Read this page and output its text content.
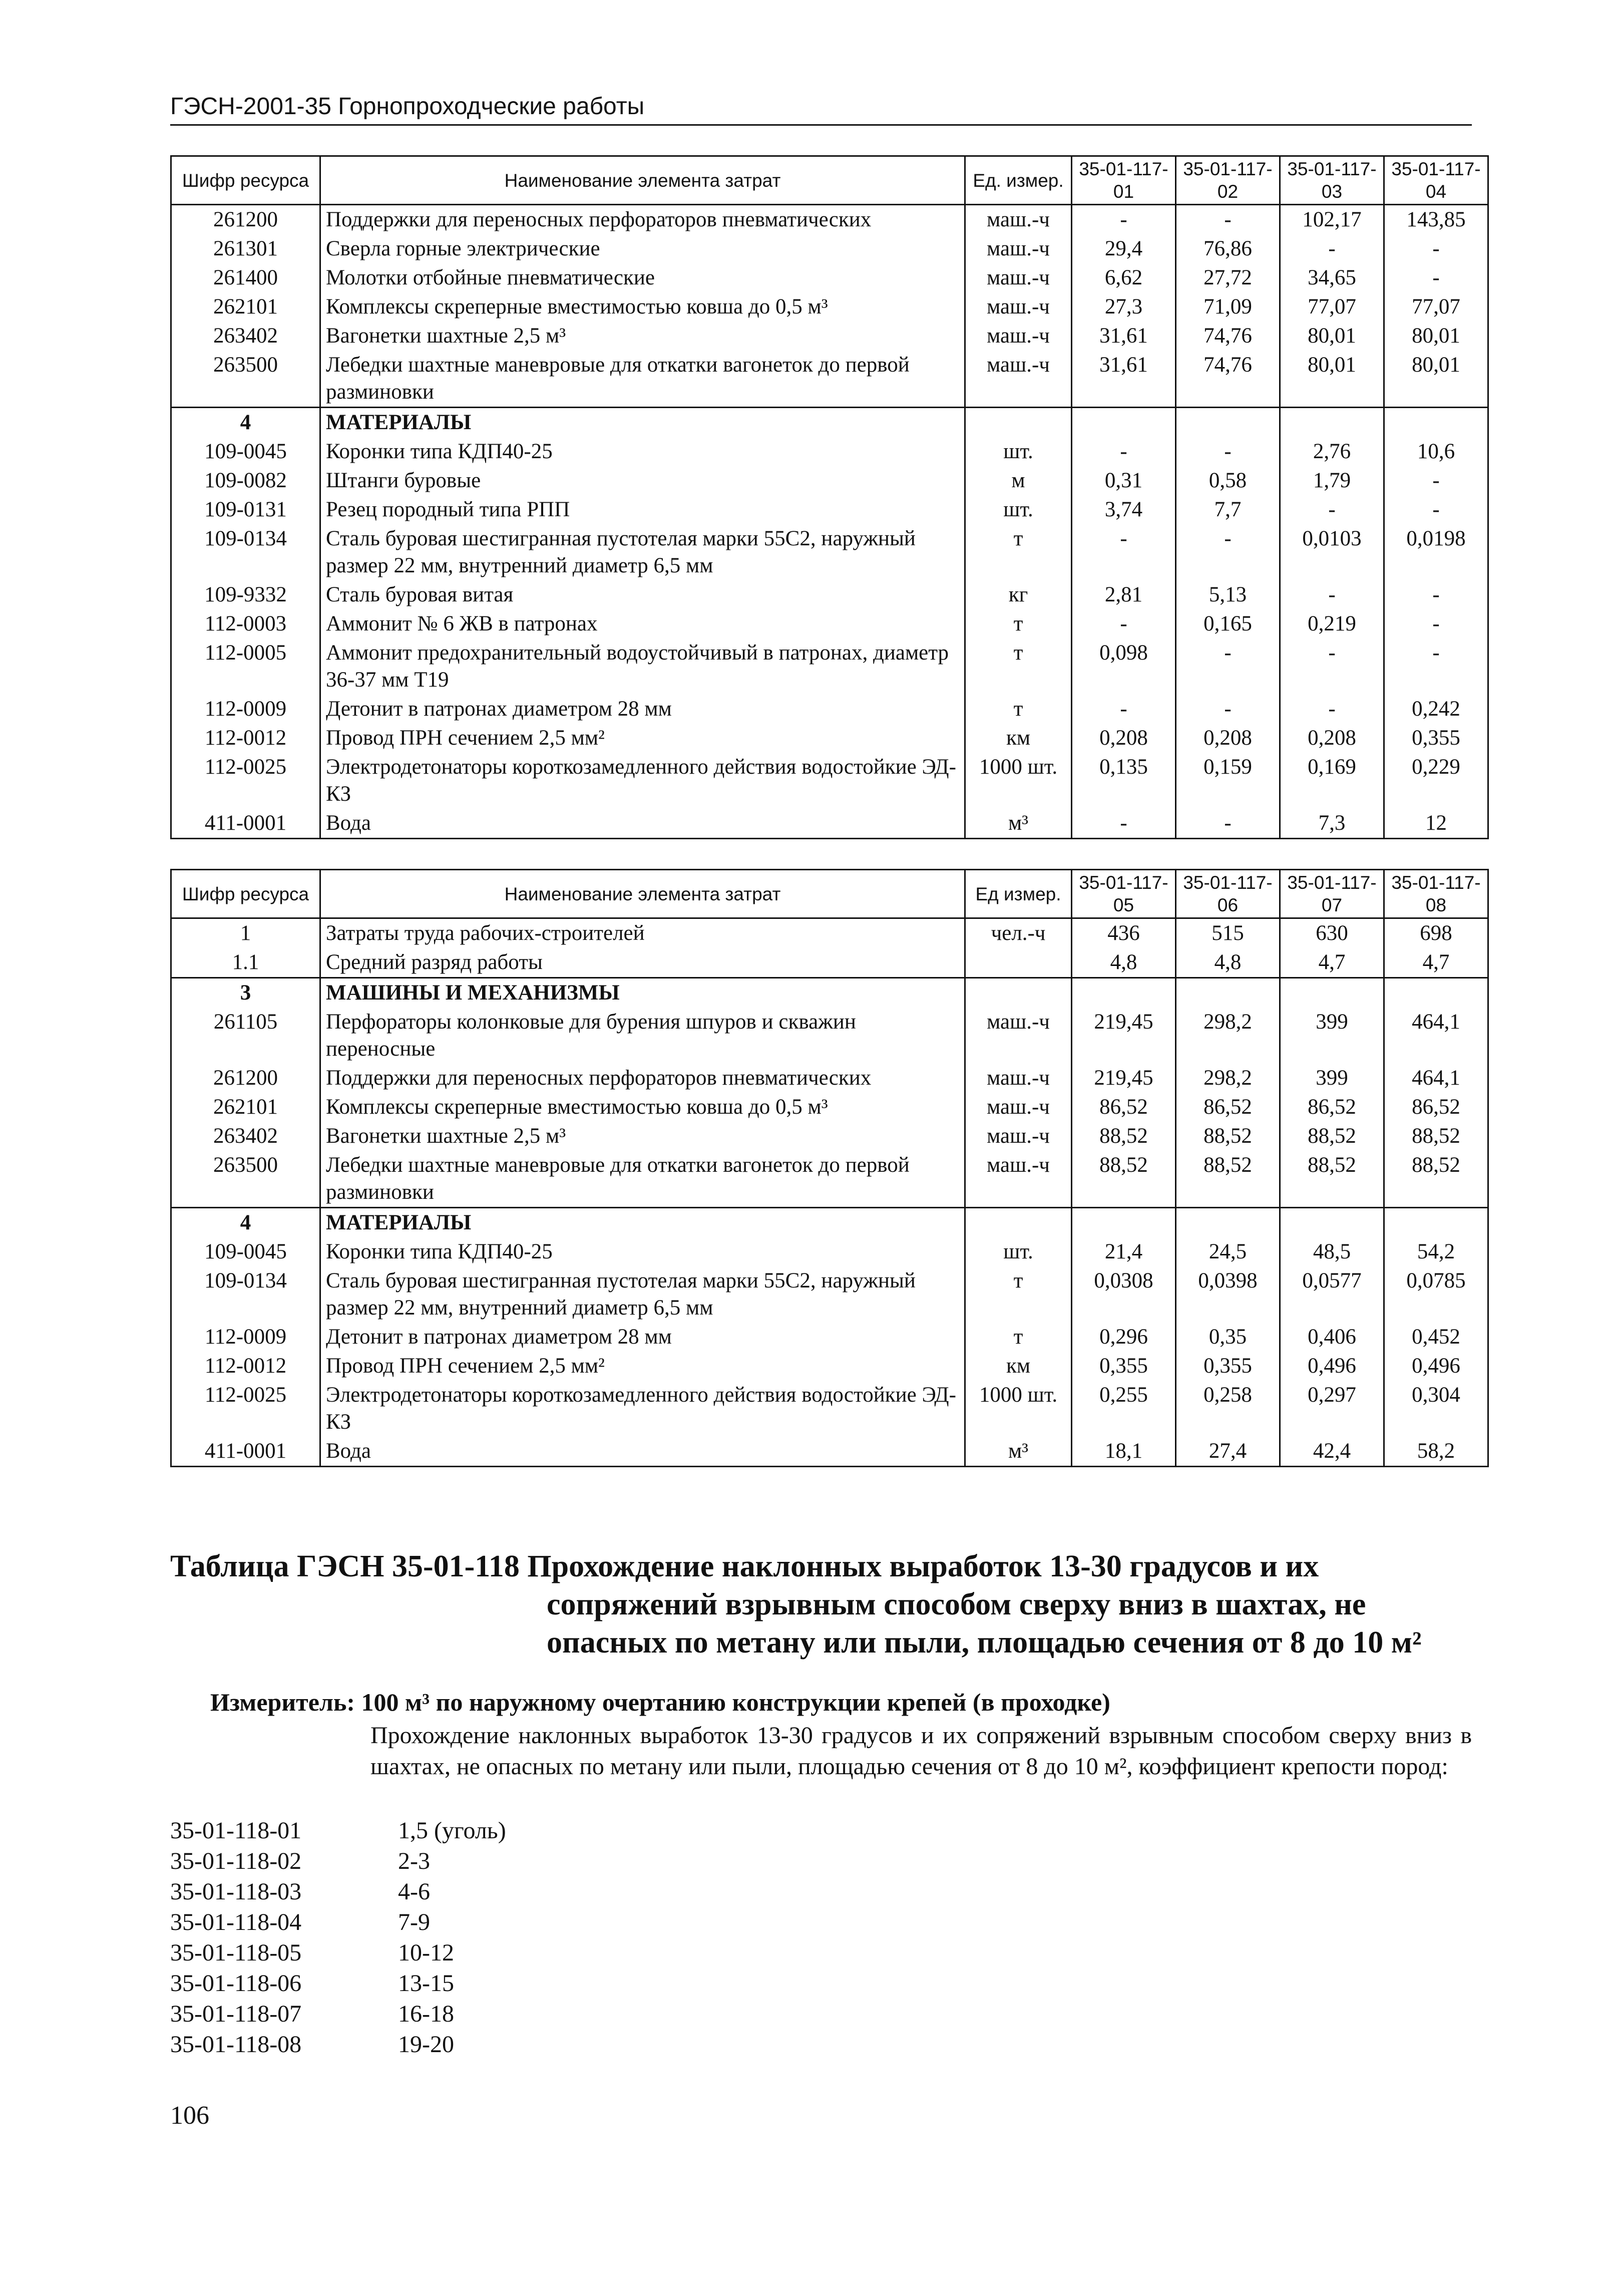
ГЭСН-2001-35 Горнопроходческие работы
Шифр ресурса	Наименование элемента затрат	Ед. измер.	35-01-117-01	35-01-117-02	35-01-117-03	35-01-117-04
261200	Поддержки для переносных перфораторов пневматических	маш.-ч	-	-	102,17	143,85
261301	Сверла горные электрические	маш.-ч	29,4	76,86	-	-
261400	Молотки отбойные пневматические	маш.-ч	6,62	27,72	34,65	-
262101	Комплексы скреперные вместимостью ковша до 0,5 м³	маш.-ч	27,3	71,09	77,07	77,07
263402	Вагонетки шахтные 2,5 м³	маш.-ч	31,61	74,76	80,01	80,01
263500	Лебедки шахтные маневровые для откатки вагонеток до первой разминовки	маш.-ч	31,61	74,76	80,01	80,01
4	МАТЕРИАЛЫ					
109-0045	Коронки типа КДП40-25	шт.	-	-	2,76	10,6
109-0082	Штанги буровые	м	0,31	0,58	1,79	-
109-0131	Резец породный типа РПП	шт.	3,74	7,7	-	-
109-0134	Сталь буровая шестигранная пустотелая марки 55С2, наружный размер 22 мм, внутренний диаметр 6,5 мм	т	-	-	0,0103	0,0198
109-9332	Сталь буровая витая	кг	2,81	5,13	-	-
112-0003	Аммонит № 6 ЖВ в патронах	т	-	0,165	0,219	-
112-0005	Аммонит предохранительный водоустойчивый в патронах, диаметр 36-37 мм Т19	т	0,098	-	-	-
112-0009	Детонит в патронах диаметром 28 мм	т	-	-	-	0,242
112-0012	Провод ПРН сечением 2,5 мм²	км	0,208	0,208	0,208	0,355
112-0025	Электродетонаторы короткозамедленного действия водостойкие ЭД-КЗ	1000 шт.	0,135	0,159	0,169	0,229
411-0001	Вода	м³	-	-	7,3	12
Шифр ресурса	Наименование элемента затрат	Ед измер.	35-01-117-05	35-01-117-06	35-01-117-07	35-01-117-08
1	Затраты труда рабочих-строителей	чел.-ч	436	515	630	698
1.1	Средний разряд работы		4,8	4,8	4,7	4,7
3	МАШИНЫ И МЕХАНИЗМЫ					
261105	Перфораторы колонковые для бурения шпуров и скважин переносные	маш.-ч	219,45	298,2	399	464,1
261200	Поддержки для переносных перфораторов пневматических	маш.-ч	219,45	298,2	399	464,1
262101	Комплексы скреперные вместимостью ковша до 0,5 м³	маш.-ч	86,52	86,52	86,52	86,52
263402	Вагонетки шахтные 2,5 м³	маш.-ч	88,52	88,52	88,52	88,52
263500	Лебедки шахтные маневровые для откатки вагонеток до первой разминовки	маш.-ч	88,52	88,52	88,52	88,52
4	МАТЕРИАЛЫ					
109-0045	Коронки типа КДП40-25	шт.	21,4	24,5	48,5	54,2
109-0134	Сталь буровая шестигранная пустотелая марки 55С2, наружный размер 22 мм, внутренний диаметр 6,5 мм	т	0,0308	0,0398	0,0577	0,0785
112-0009	Детонит в патронах диаметром 28 мм	т	0,296	0,35	0,406	0,452
112-0012	Провод ПРН сечением 2,5 мм²	км	0,355	0,355	0,496	0,496
112-0025	Электродетонаторы короткозамедленного действия водостойкие ЭД-КЗ	1000 шт.	0,255	0,258	0,297	0,304
411-0001	Вода	м³	18,1	27,4	42,4	58,2
Таблица ГЭСН 35-01-118 Прохождение наклонных выработок 13-30 градусов и их
сопряжений взрывным способом сверху вниз в шахтах, не
опасных по метану или пыли, площадью сечения от 8 до 10 м²
Измеритель: 100 м³ по наружному очертанию конструкции крепей (в проходке)
Прохождение наклонных выработок 13-30 градусов и их сопряжений взрывным способом сверху вниз в шахтах, не опасных по метану или пыли, площадью сечения от 8 до 10 м², коэффициент крепости пород:
35-01-118-01	1,5 (уголь)
35-01-118-02	2-3
35-01-118-03	4-6
35-01-118-04	7-9
35-01-118-05	10-12
35-01-118-06	13-15
35-01-118-07	16-18
35-01-118-08	19-20
106
